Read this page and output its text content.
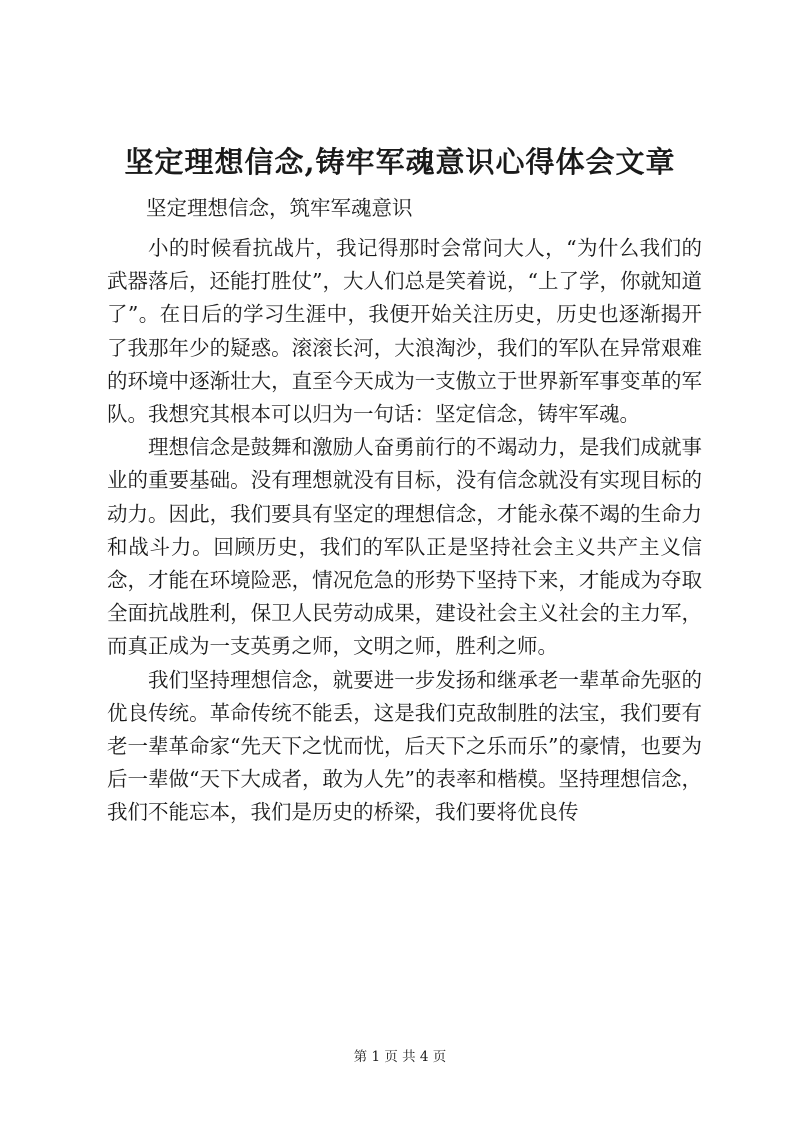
坚定理想信念,铸牢军魂意识心得体会文章
坚定理想信念，筑牢军魂意识

小的时候看抗战片，我记得那时会常问大人，“为什么我们的武器落后，还能打胜仗”，大人们总是笑着说，“上了学，你就知道了”。在日后的学习生涯中，我便开始关注历史，历史也逐渐揭开了我那年少的疑惑。滚滚长河，大浪淘沙，我们的军队在异常艰难的环境中逐渐壮大，直至今天成为一支傲立于世界新军事变革的军队。我想究其根本可以归为一句话：坚定信念，铸牢军魂。

理想信念是鼓舞和激励人奋勇前行的不竭动力，是我们成就事业的重要基础。没有理想就没有目标，没有信念就没有实现目标的动力。因此，我们要具有坚定的理想信念，才能永葆不竭的生命力和战斗力。回顾历史，我们的军队正是坚持社会主义共产主义信念，才能在环境险恶，情况危急的形势下坚持下来，才能成为夺取全面抗战胜利，保卫人民劳动成果，建设社会主义社会的主力军，而真正成为一支英勇之师，文明之师，胜利之师。

我们坚持理想信念，就要进一步发扬和继承老一辈革命先驱的优良传统。革命传统不能丢，这是我们克敌制胜的法宝，我们要有老一辈革命家“先天下之忧而忧，后天下之乐而乐”的豪情，也要为后一辈做“天下大成者，敢为人先”的表率和楷模。坚持理想信念，我们不能忘本，我们是历史的桥梁，我们要将优良传

第 1 页 共 4 页
